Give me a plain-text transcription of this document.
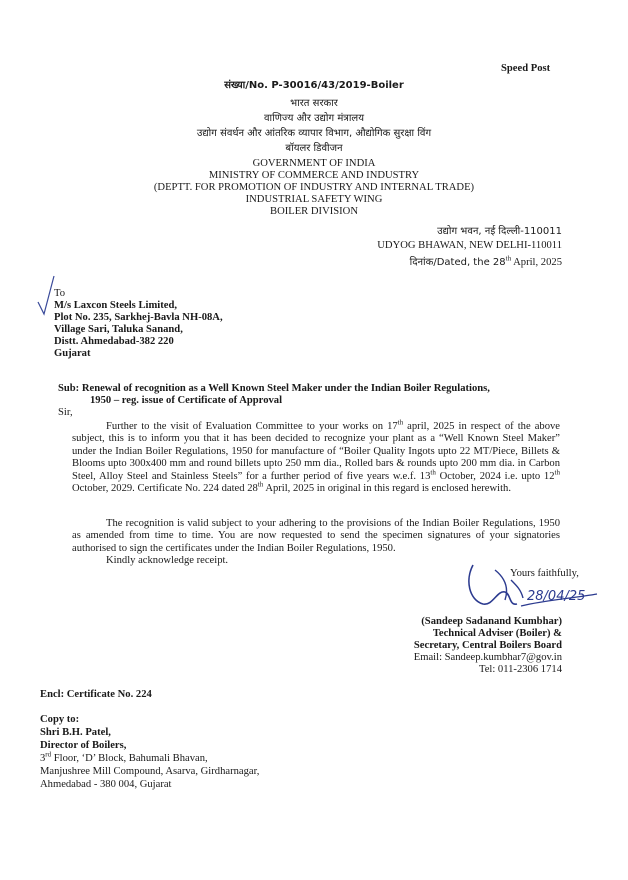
Speed Post
संख्या/No. P-30016/43/2019-Boiler
भारत सरकार
वाणिज्य और उद्योग मंत्रालय
उद्योग संवर्धन और आंतरिक व्यापार विभाग, औद्योगिक सुरक्षा विंग
बॉयलर डिवीजन
GOVERNMENT OF INDIA
MINISTRY OF COMMERCE AND INDUSTRY
(DEPTT. FOR PROMOTION OF INDUSTRY AND INTERNAL TRADE)
INDUSTRIAL SAFETY WING
BOILER DIVISION
उद्योग भवन, नई दिल्ली-110011
UDYOG BHAWAN, NEW DELHI-110011
दिनांक/Dated, the 28th April, 2025
To
M/s Laxcon Steels Limited,
Plot No. 235, Sarkhej-Bavla NH-08A,
Village Sari, Taluka Sanand,
Distt. Ahmedabad-382 220
Gujarat
Sub: Renewal of recognition as a Well Known Steel Maker under the Indian Boiler Regulations,
1950 – reg. issue of Certificate of Approval
Sir,
Further to the visit of Evaluation Committee to your works on 17th april, 2025 in respect of the above subject, this is to inform you that it has been decided to recognize your plant as a “Well Known Steel Maker” under the Indian Boiler Regulations, 1950 for manufacture of “Boiler Quality Ingots upto 22 MT/Piece, Billets & Blooms upto 300x400 mm and round billets upto 250 mm dia., Rolled bars & rounds upto 200 mm dia. in Carbon Steel, Alloy Steel and Stainless Steels” for a further period of five years w.e.f. 13th October, 2024 i.e. upto 12th October, 2029. Certificate No. 224 dated 28th April, 2025 in original in this regard is enclosed herewith.
The recognition is valid subject to your adhering to the provisions of the Indian Boiler Regulations, 1950 as amended from time to time. You are now requested to send the specimen signatures of your signatories authorised to sign the certificates under the Indian Boiler Regulations, 1950.
Kindly acknowledge receipt.
Yours faithfully,
28/04/25
(Sandeep Sadanand Kumbhar)
Technical Adviser (Boiler) &
Secretary, Central Boilers Board
Email: Sandeep.kumbhar7@gov.in
Tel: 011-2306 1714
Encl: Certificate No. 224
Copy to:
Shri B.H. Patel,
Director of Boilers,
3rd Floor, ‘D’ Block, Bahumali Bhavan,
Manjushree Mill Compound, Asarva, Girdharnagar,
Ahmedabad - 380 004, Gujarat
